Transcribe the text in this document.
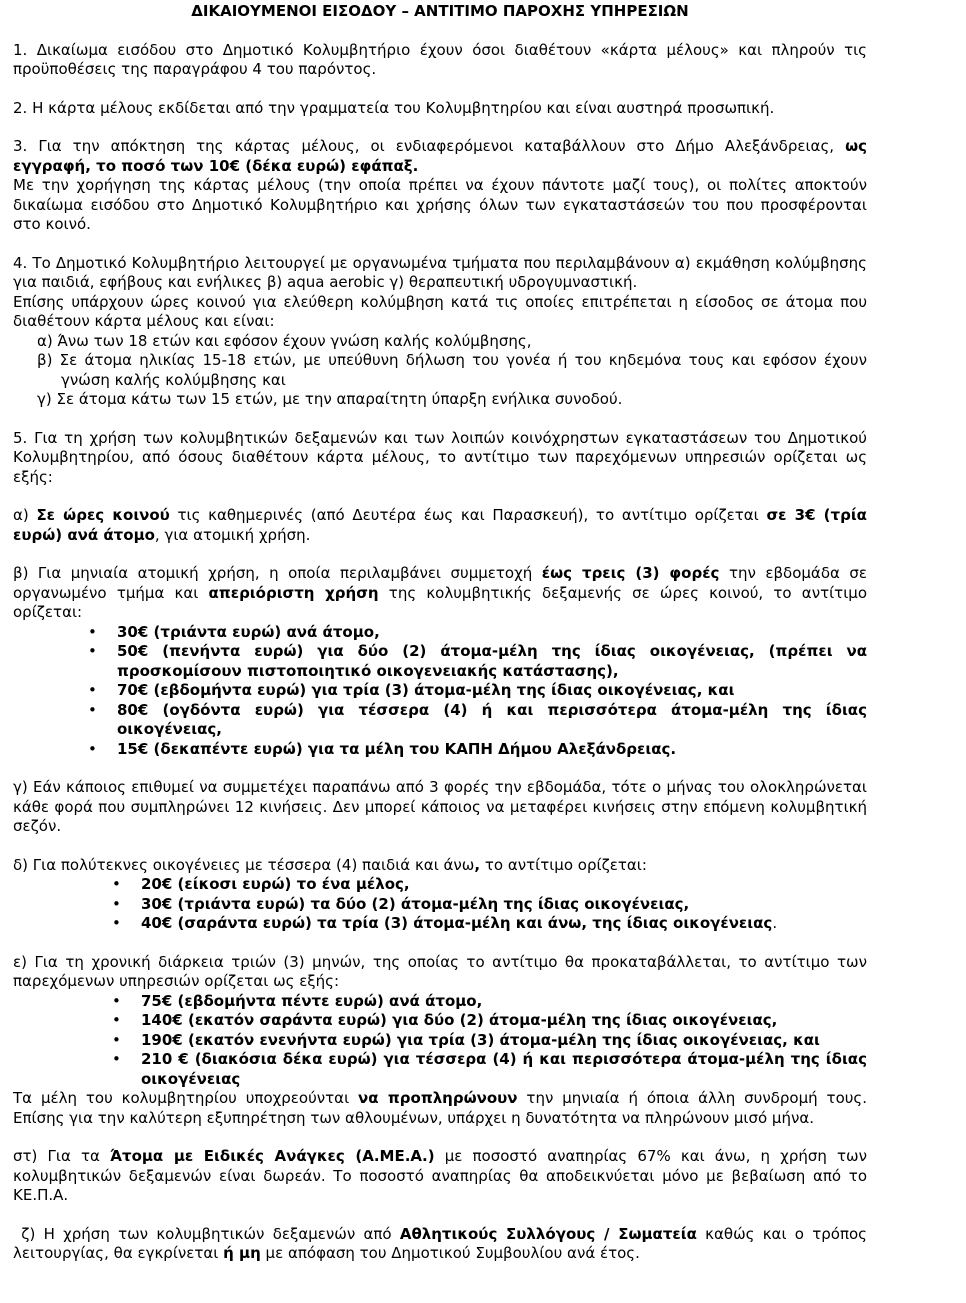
ΔΙΚΑΙΟΥΜΕΝΟΙ ΕΙΣΟΔΟΥ – ΑΝΤΙΤΙΜΟ ΠΑΡΟΧΗΣ ΥΠΗΡΕΣΙΩΝ

1. Δικαίωμα εισόδου στο Δημοτικό Κολυμβητήριο έχουν όσοι διαθέτουν «κάρτα μέλους» και πληρούν τις προϋποθέσεις της παραγράφου 4 του παρόντος.

2. Η κάρτα μέλους εκδίδεται από την γραμματεία του Κολυμβητηρίου και είναι αυστηρά προσωπική.

3. Για την απόκτηση της κάρτας μέλους, οι ενδιαφερόμενοι καταβάλλουν στο Δήμο Αλεξάνδρειας, ως εγγραφή, το ποσό των 10€ (δέκα ευρώ) εφάπαξ.

Με την χορήγηση της κάρτας μέλους (την οποία πρέπει να έχουν πάντοτε μαζί τους), οι πολίτες αποκτούν δικαίωμα εισόδου στο Δημοτικό Κολυμβητήριο και χρήσης όλων των εγκαταστάσεών του που προσφέρονται στο κοινό.

4. Το Δημοτικό Κολυμβητήριο λειτουργεί με οργανωμένα τμήματα που περιλαμβάνουν α) εκμάθηση κολύμβησης για παιδιά, εφήβους και ενήλικες β) aqua aerobic γ) θεραπευτική υδρογυμναστική.

Επίσης υπάρχουν ώρες κοινού για ελεύθερη κολύμβηση κατά τις οποίες επιτρέπεται η είσοδος σε άτομα που διαθέτουν κάρτα μέλους και είναι:

α) Άνω των 18 ετών και εφόσον έχουν γνώση καλής κολύμβησης,

β) Σε άτομα ηλικίας 15-18 ετών, με υπεύθυνη δήλωση του γονέα ή του κηδεμόνα τους και εφόσον έχουν γνώση καλής κολύμβησης και

γ) Σε άτομα κάτω των 15 ετών, με την απαραίτητη ύπαρξη ενήλικα συνοδού.

5. Για τη χρήση των κολυμβητικών δεξαμενών και των λοιπών κοινόχρηστων εγκαταστάσεων του Δημοτικού Κολυμβητηρίου, από όσους διαθέτουν κάρτα μέλους, το αντίτιμο των παρεχόμενων υπηρεσιών ορίζεται ως εξής:

α) Σε ώρες κοινού τις καθημερινές (από Δευτέρα έως και Παρασκευή), το αντίτιμο ορίζεται σε 3€ (τρία ευρώ) ανά άτομο, για ατομική χρήση.

β) Για μηνιαία ατομική χρήση, η οποία περιλαμβάνει συμμετοχή έως τρεις (3) φορές την εβδομάδα σε οργανωμένο τμήμα και απεριόριστη χρήση της κολυμβητικής δεξαμενής σε ώρες κοινού, το αντίτιμο ορίζεται:

• 30€ (τριάντα ευρώ) ανά άτομο,
• 50€ (πενήντα ευρώ) για δύο (2) άτομα-μέλη της ίδιας οικογένειας, (πρέπει να προσκομίσουν πιστοποιητικό οικογενειακής κατάστασης),
• 70€ (εβδομήντα ευρώ) για τρία (3) άτομα-μέλη της ίδιας οικογένειας, και
• 80€ (ογδόντα ευρώ) για τέσσερα (4) ή και περισσότερα άτομα-μέλη της ίδιας οικογένειας,
• 15€ (δεκαπέντε ευρώ) για τα μέλη του ΚΑΠΗ Δήμου Αλεξάνδρειας.

γ) Εάν κάποιος επιθυμεί να συμμετέχει παραπάνω από 3 φορές την εβδομάδα, τότε ο μήνας του ολοκληρώνεται κάθε φορά που συμπληρώνει 12 κινήσεις. Δεν μπορεί κάποιος να μεταφέρει κινήσεις στην επόμενη κολυμβητική σεζόν.

δ) Για πολύτεκνες οικογένειες με τέσσερα (4) παιδιά και άνω, το αντίτιμο ορίζεται:

• 20€ (είκοσι ευρώ) το ένα μέλος,
• 30€ (τριάντα ευρώ) τα δύο (2) άτομα-μέλη της ίδιας οικογένειας,
• 40€ (σαράντα ευρώ) τα τρία (3) άτομα-μέλη και άνω, της ίδιας οικογένειας.

ε) Για τη χρονική διάρκεια τριών (3) μηνών, της οποίας το αντίτιμο θα προκαταβάλλεται, το αντίτιμο των παρεχόμενων υπηρεσιών ορίζεται ως εξής:

• 75€ (εβδομήντα πέντε ευρώ) ανά άτομο,
• 140€ (εκατόν σαράντα ευρώ) για δύο (2) άτομα-μέλη της ίδιας οικογένειας,
• 190€ (εκατόν ενενήντα ευρώ) για τρία (3) άτομα-μέλη της ίδιας οικογένειας, και
• 210 € (διακόσια δέκα ευρώ) για τέσσερα (4) ή και περισσότερα άτομα-μέλη της ίδιας οικογένειας

Τα μέλη του κολυμβητηρίου υποχρεούνται να προπληρώνουν την μηνιαία ή όποια άλλη συνδρομή τους. Επίσης για την καλύτερη εξυπηρέτηση των αθλουμένων, υπάρχει η δυνατότητα να πληρώνουν μισό μήνα.

στ) Για τα Άτομα με Ειδικές Ανάγκες (Α.ΜΕ.Α.) με ποσοστό αναπηρίας 67% και άνω, η χρήση των κολυμβητικών δεξαμενών είναι δωρεάν. Το ποσοστό αναπηρίας θα αποδεικνύεται μόνο με βεβαίωση από το ΚΕ.Π.Α.

ζ) Η χρήση των κολυμβητικών δεξαμενών από Αθλητικούς Συλλόγους / Σωματεία καθώς και ο τρόπος λειτουργίας, θα εγκρίνεται ή μη με απόφαση του Δημοτικού Συμβουλίου ανά έτος.
